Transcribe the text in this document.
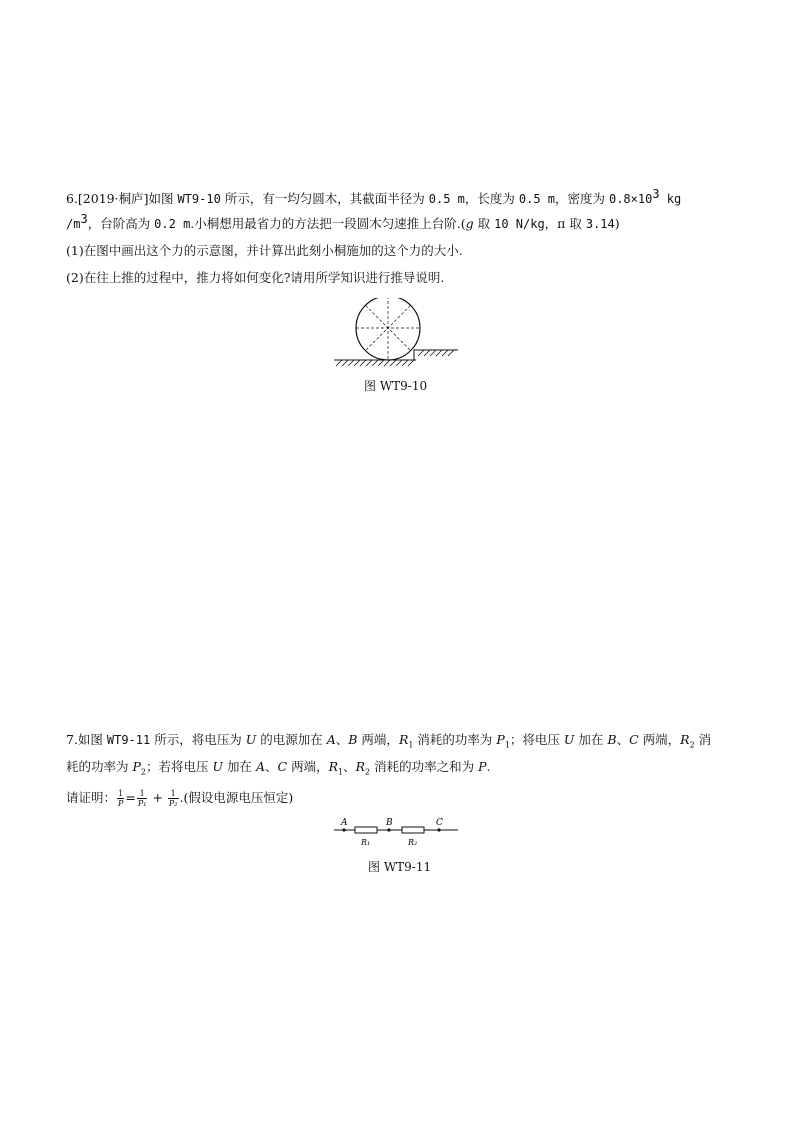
6.[2019·桐庐]如图 WT9-10 所示，有一均匀圆木，其截面半径为 0.5 m，长度为 0.5 m，密度为 $0.8\times 10^3$ kg
$/m^3$，台阶高为 0.2 m.小桐想用最省力的方法把一段圆木匀速推上台阶.(g 取 10 N/kg，π 取 3.14)
(1)在图中画出这个力的示意图，并计算出此刻小桐施加的这个力的大小.
(2)在往上推的过程中，推力将如何变化?请用所学知识进行推导说明.
图 WT9-10
7.如图 WT9-11 所示，将电压为 U 的电源加在 A、B 两端，$R_1$ 消耗的功率为 $P_1$；将电压 U 加在 B、C 两端，$R_2$ 消
耗的功率为 $P_2$；若将电压 U 加在 A、C 两端，$R_1$、$R_2$ 消耗的功率之和为 P.
请证明： $\frac{1}{P} = \frac{1}{\text{P₁}} + \frac{1}{\text{P₂}}$ .(假设电源电压恒定)
A	B	C
R₁	R₂
图 WT9-11
